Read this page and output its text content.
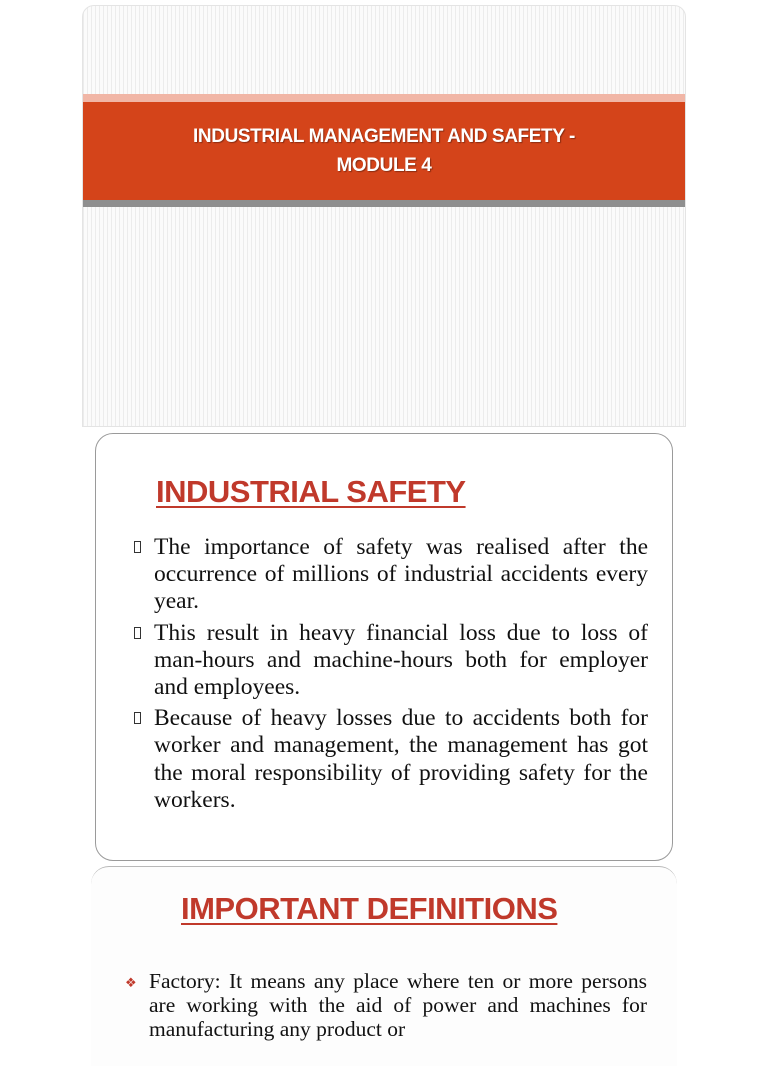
INDUSTRIAL MANAGEMENT AND SAFETY -
MODULE 4
INDUSTRIAL SAFETY
The importance of safety was realised after the occurrence of millions of industrial accidents every year.
This result in heavy financial loss due to loss of man-hours and machine-hours both for employer and employees.
Because of heavy losses due to accidents both for worker and management, the management has got the moral responsibility of providing safety for the workers.
IMPORTANT DEFINITIONS
❖ Factory: It means any place where ten or more persons are working with the aid of power and machines for manufacturing any product or
